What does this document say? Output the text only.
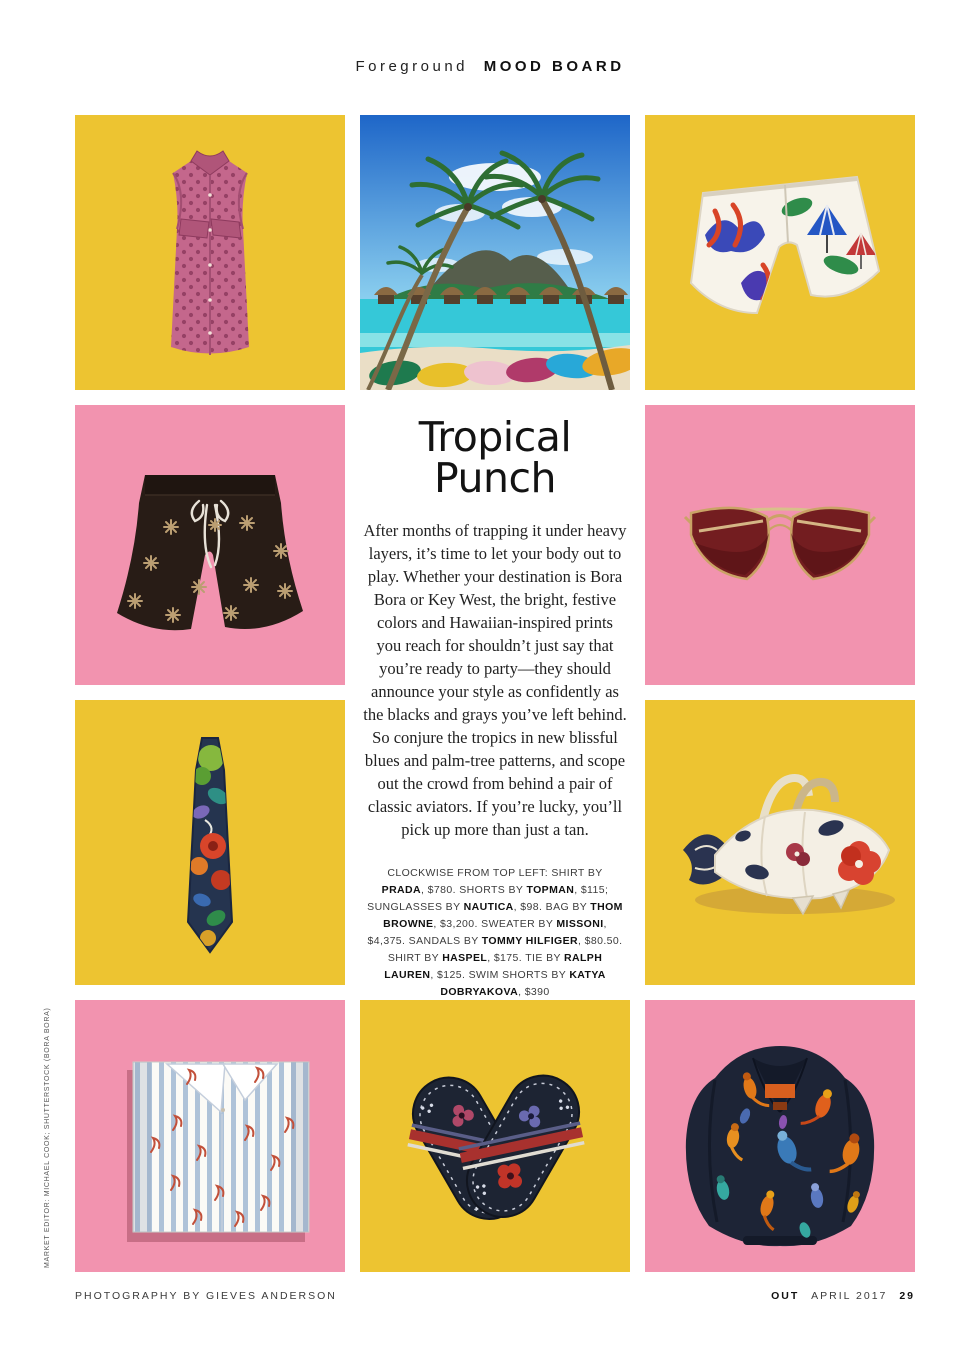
Foreground MOOD BOARD
Tropical
Punch

After months of trapping it under heavy layers, it’s time to let your body out to play. Whether your destination is Bora Bora or Key West, the bright, festive colors and Hawaiian-inspired prints you reach for shouldn’t just say that you’re ready to party—they should announce your style as confidently as the blacks and grays you’ve left behind. So conjure the tropics in new blissful blues and palm-tree patterns, and scope out the crowd from behind a pair of classic aviators. If you’re lucky, you’ll pick up more than just a tan.

CLOCKWISE FROM TOP LEFT: SHIRT BY PRADA, $780. SHORTS BY TOPMAN, $115; SUNGLASSES BY NAUTICA, $98. BAG BY THOM BROWNE, $3,200. SWEATER BY MISSONI, $4,375. SANDALS BY TOMMY HILFIGER, $80.50. SHIRT BY HASPEL, $175. TIE BY RALPH LAUREN, $125. SWIM SHORTS BY KATYA DOBRYAKOVA, $390

PHOTOGRAPHY BY GIEVES ANDERSON	OUT APRIL 2017 29
MARKET EDITOR: MICHAEL COOK; SHUTTERSTOCK (BORA BORA)
